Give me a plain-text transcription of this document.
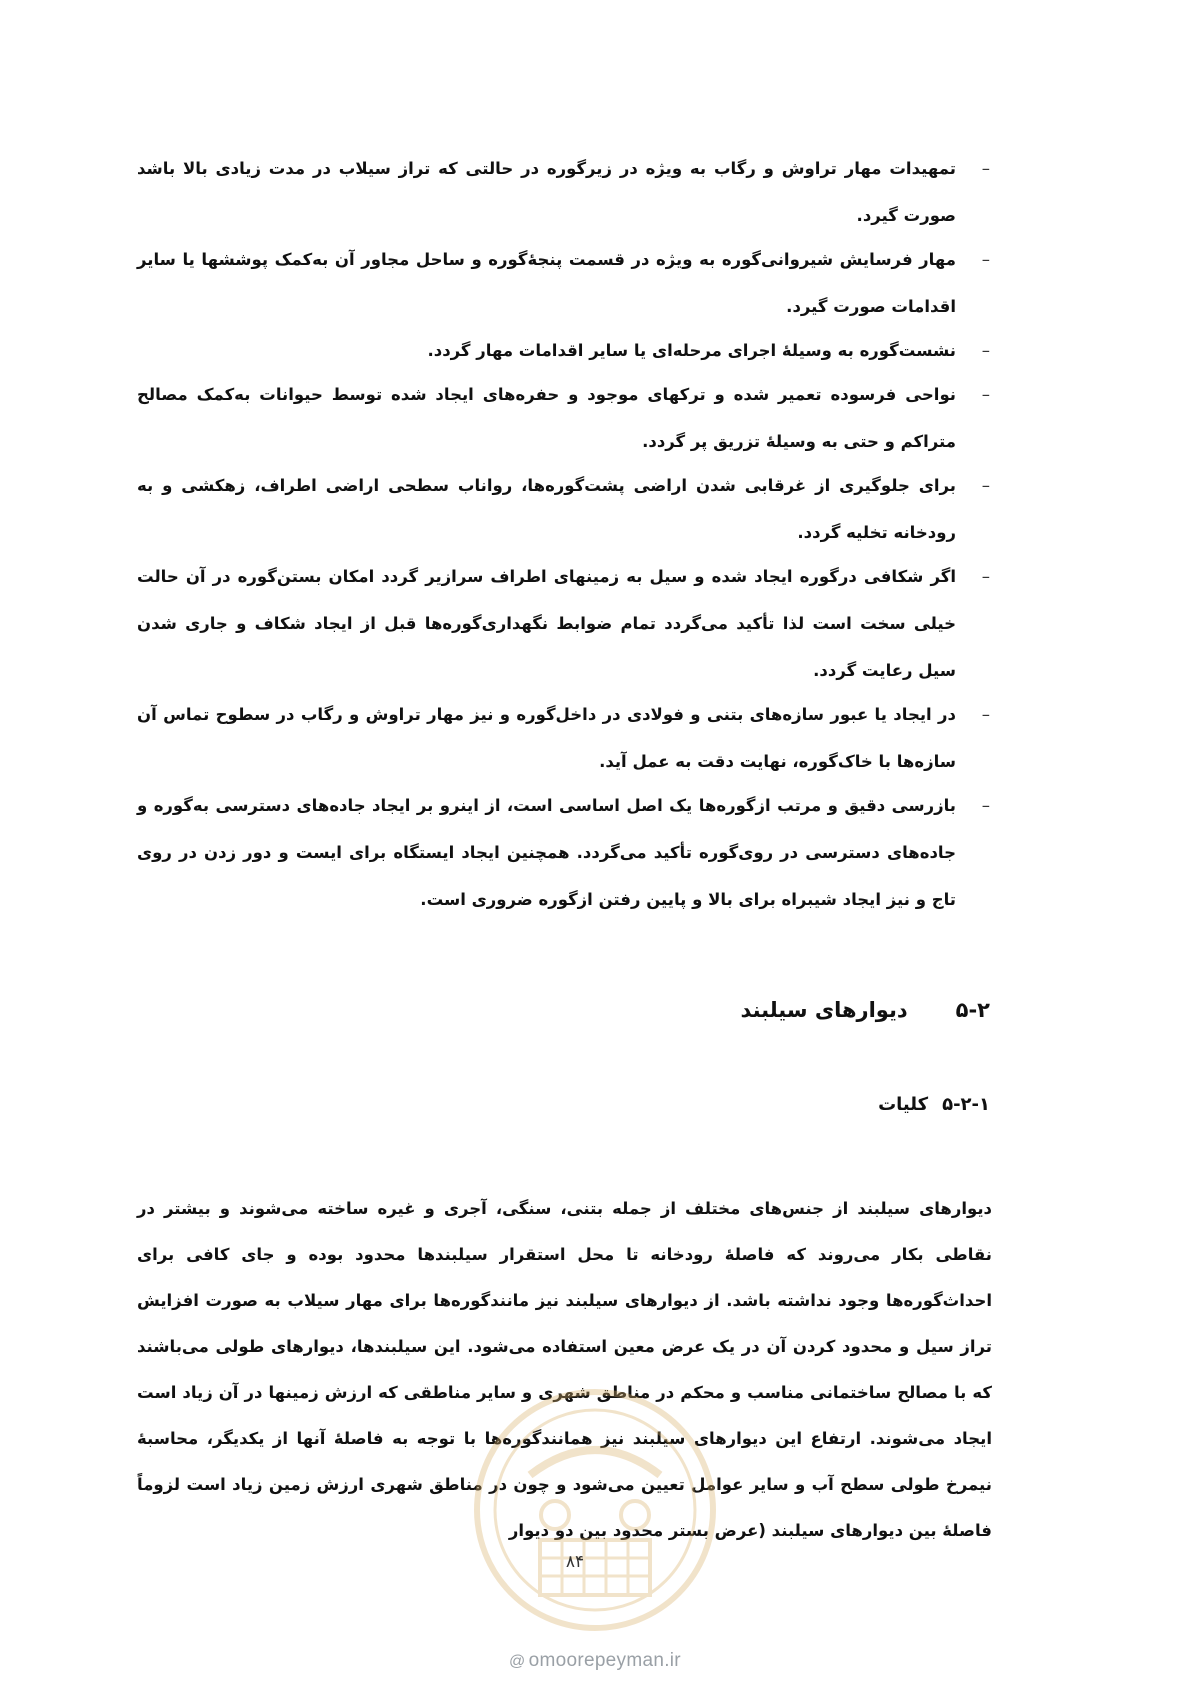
–
تمهیدات مهار تراوش و رگاب به ویژه در زیرگوره در حالتی که تراز سیلاب در مدت زیادی بالا باشد صورت گیرد.
–
مهار فرسایش شیروانی‌گوره به ویژه در قسمت پنجهٔ‌گوره و ساحل مجاور آن به‌کمک پوششها یا سایر اقدامات صورت گیرد.
–
نشست‌گوره به وسیلهٔ اجرای مرحله‌ای یا سایر اقدامات مهار گردد.
–
نواحی فرسوده تعمیر شده و ترکهای موجود و حفره‌های ایجاد شده توسط حیوانات به‌کمک مصالح متراکم و حتی به وسیلهٔ تزریق پر گردد.
–
برای جلوگیری از غرقابی شدن اراضی پشت‌گوره‌ها، رواناب سطحی اراضی اطراف، زهکشی و به رودخانه تخلیه گردد.
–
اگر شکافی درگوره ایجاد شده و سیل به زمینهای اطراف سرازیر گردد امکان بستن‌گوره در آن حالت خیلی سخت است لذا تأکید می‌گردد تمام ضوابط نگهداری‌گوره‌ها قبل از ایجاد شکاف و جاری شدن سیل رعایت گردد.
–
در ایجاد یا عبور سازه‌های بتنی و فولادی در داخل‌گوره و نیز مهار تراوش و رگاب در سطوح تماس آن سازه‌ها با خاک‌گوره، نهایت دقت به عمل آید.
–
بازرسی دقیق و مرتب ازگوره‌ها یک اصل اساسی است، از اینرو بر ایجاد جاده‌های دسترسی به‌گوره و جاده‌های دسترسی در روی‌گوره تأکید می‌گردد. همچنین ایجاد ایستگاه برای ایست و دور زدن در روی تاج و نیز ایجاد شیبراه برای بالا و پایین رفتن ازگوره ضروری است.
۵-۲دیوارهای سیلبند
۵-۲-۱کلیات

دیوارهای سیلبند از جنس‌های مختلف از جمله بتنی، سنگی، آجری و غیره ساخته می‌شوند و بیشتر در نقاطی بکار می‌روند که فاصلهٔ رودخانه تا محل استقرار سیلبندها محدود بوده و جای کافی برای احداث‌گوره‌ها وجود نداشته باشد. از دیوارهای سیلبند نیز مانندگوره‌ها برای مهار سیلاب به صورت افزایش تراز سیل و محدود کردن آن در یک عرض معین استفاده می‌شود. این سیلبندها، دیوارهای طولی می‌باشند که با مصالح ساختمانی مناسب و محکم در مناطق شهری و سایر مناطقی که ارزش زمینها در آن زیاد است ایجاد می‌شوند. ارتفاع این دیوارهای سیلبند نیز همانندگوره‌ها با توجه به فاصلهٔ آنها از یکدیگر، محاسبهٔ نیمرخ طولی سطح آب و سایر عوامل تعیین می‌شود و چون در مناطق شهری ارزش زمین زیاد است لزوماً فاصلهٔ بین دیوارهای سیلبند (عرض بستر محدود بین دو دیوار

۸۴
@ omoorepeyman.ir
